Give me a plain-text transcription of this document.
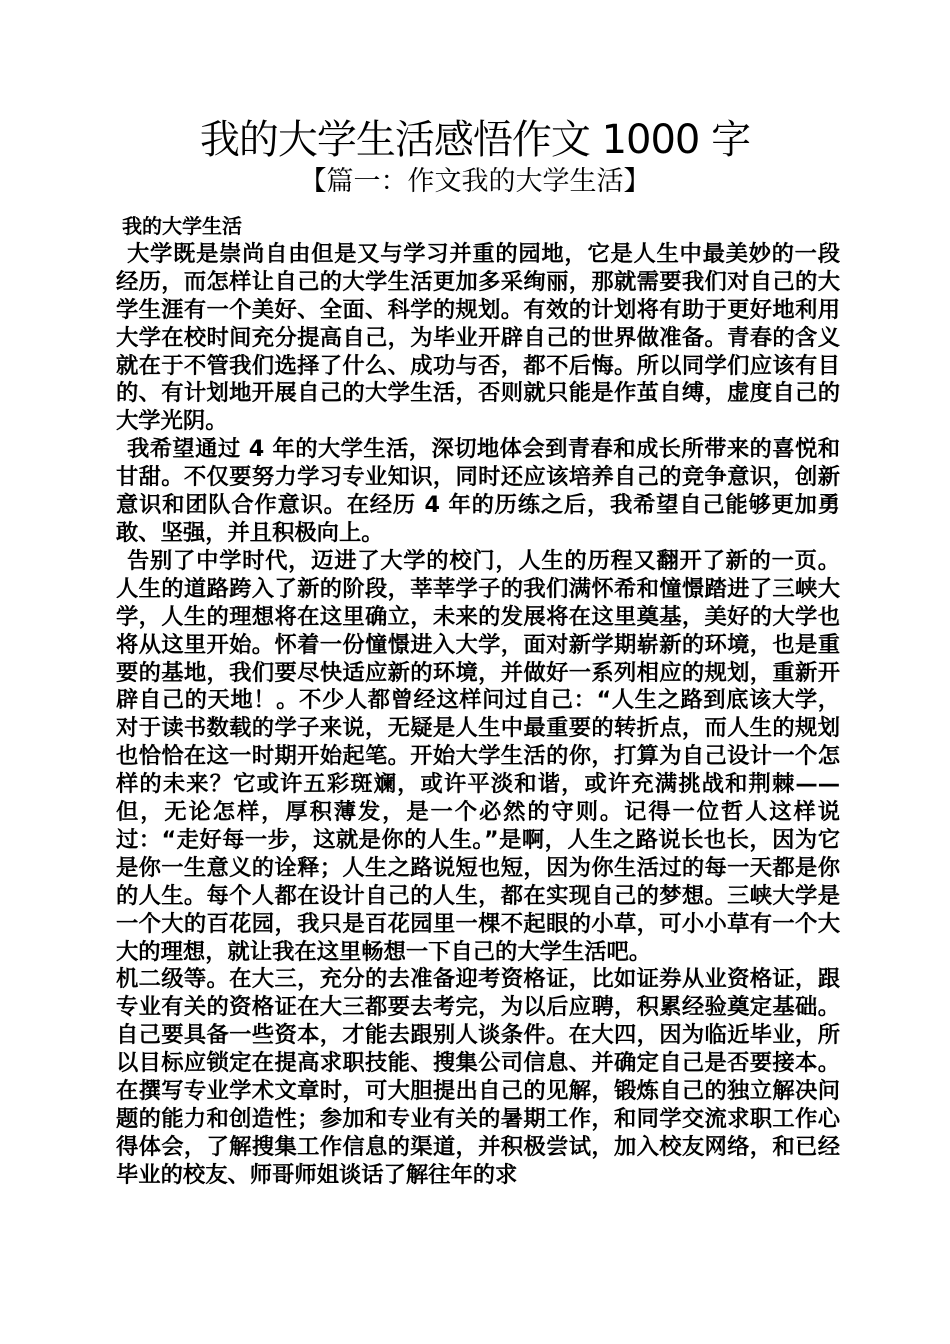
我的大学生活感悟作文 1000 字
【篇一：作文我的大学生活】

我的大学生活

大学既是崇尚自由但是又与学习并重的园地，它是人生中最美妙的一段经历，而怎样让自己的大学生活更加多采绚丽，那就需要我们对自己的大学生涯有一个美好、全面、科学的规划。有效的计划将有助于更好地利用大学在校时间充分提高自己，为毕业开辟自己的世界做准备。青春的含义就在于不管我们选择了什么、成功与否，都不后悔。所以同学们应该有目的、有计划地开展自己的大学生活，否则就只能是作茧自缚，虚度自己的大学光阴。

我希望通过 4 年的大学生活，深切地体会到青春和成长所带来的喜悦和甘甜。不仅要努力学习专业知识，同时还应该培养自己的竞争意识，创新意识和团队合作意识。在经历 4 年的历练之后，我希望自己能够更加勇敢、坚强，并且积极向上。

告别了中学时代，迈进了大学的校门，人生的历程又翻开了新的一页。人生的道路跨入了新的阶段，莘莘学子的我们满怀希和憧憬踏进了三峡大学，人生的理想将在这里确立，未来的发展将在这里奠基，美好的大学也将从这里开始。怀着一份憧憬进入大学，面对新学期崭新的环境，也是重要的基地，我们要尽快适应新的环境，并做好一系列相应的规划，重新开辟自己的天地！。不少人都曾经这样问过自己：“人生之路到底该大学，对于读书数载的学子来说，无疑是人生中最重要的转折点，而人生的规划也恰恰在这一时期开始起笔。开始大学生活的你，打算为自己设计一个怎样的未来？它或许五彩斑斓，或许平淡和谐，或许充满挑战和荆棘——但，无论怎样，厚积薄发，是一个必然的守则。记得一位哲人这样说过：“走好每一步，这就是你的人生。”是啊，人生之路说长也长，因为它是你一生意义的诠释；人生之路说短也短，因为你生活过的每一天都是你的人生。每个人都在设计自己的人生，都在实现自己的梦想。三峡大学是一个大的百花园，我只是百花园里一棵不起眼的小草，可小小草有一个大大的理想，就让我在这里畅想一下自己的大学生活吧。

机二级等。在大三，充分的去准备迎考资格证，比如证券从业资格证，跟专业有关的资格证在大三都要去考完，为以后应聘，积累经验奠定基础。自己要具备一些资本，才能去跟别人谈条件。在大四，因为临近毕业，所以目标应锁定在提高求职技能、搜集公司信息、并确定自己是否要接本。在撰写专业学术文章时，可大胆提出自己的见解，锻炼自己的独立解决问题的能力和创造性；参加和专业有关的暑期工作，和同学交流求职工作心得体会，了解搜集工作信息的渠道，并积极尝试，加入校友网络，和已经毕业的校友、师哥师姐谈话了解往年的求
